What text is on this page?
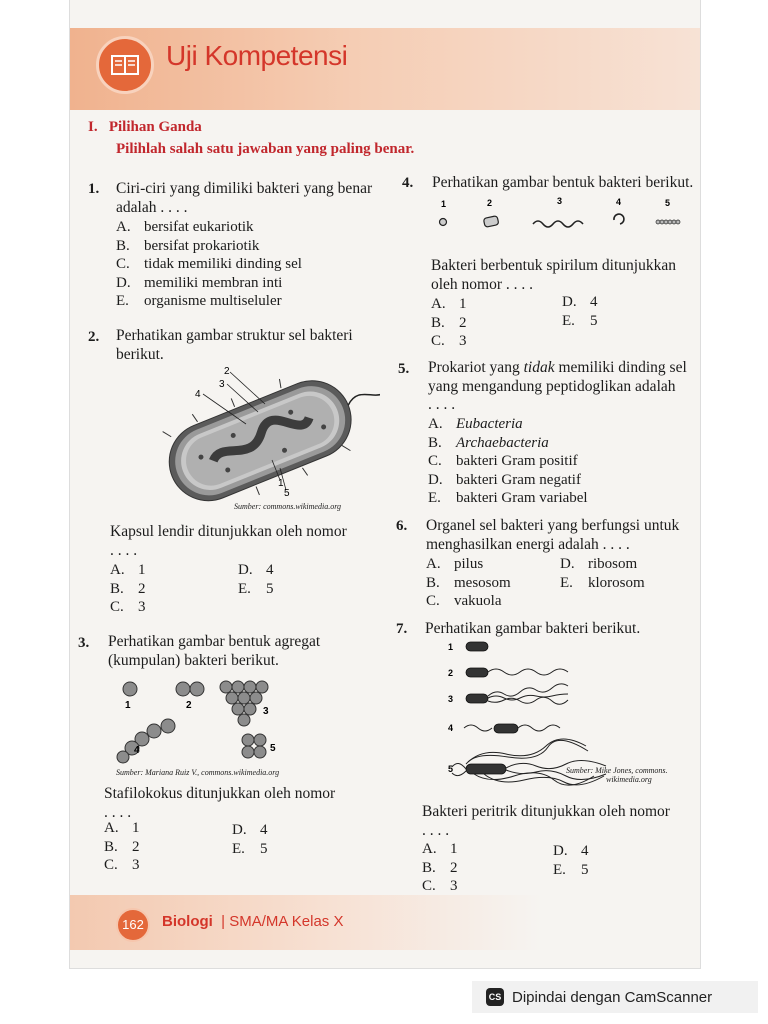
Uji Kompetensi
I. Pilihan Ganda
Pilihlah salah satu jawaban yang paling benar.
1. Ciri-ciri yang dimiliki bakteri yang benar
adalah . . . .
A. bersifat eukariotik
B. bersifat prokariotik
C. tidak memiliki dinding sel
D. memiliki membran inti
E. organisme multiseluler
2. Perhatikan gambar struktur sel bakteri
berikut.
2
3
4
1
5
Sumber: commons.wikimedia.org
Kapsul lendir ditunjukkan oleh nomor
. . . .
A. 1
B. 2
C. 3
D. 4
E. 5
3. Perhatikan gambar bentuk agregat
(kumpulan) bakteri berikut.
1	2
3
4	5
Sumber: Mariana Ruiz V., commons.wikimedia.org
Stafilokokus ditunjukkan oleh nomor
. . . .
A. 1
B. 2
C. 3
D. 4
E. 5
4. Perhatikan gambar bentuk bakteri berikut.
1	2	3	4	5
Bakteri berbentuk spirilum ditunjukkan
oleh nomor . . . .
A. 1
B. 2
C. 3
D. 4
E. 5
5. Prokariot yang tidak memiliki dinding sel
yang mengandung peptidoglikan adalah
. . . .
A. Eubacteria
B. Archaebacteria
C. bakteri Gram positif
D. bakteri Gram negatif
E. bakteri Gram variabel
6. Organel sel bakteri yang berfungsi untuk
menghasilkan energi adalah . . . .
A. pilus
B. mesosom
C. vakuola
D. ribosom
E. klorosom
7. Perhatikan gambar bakteri berikut.
1
2
3
4
5	Sumber: Mike Jones, commons.
wikimedia.org
Bakteri peritrik ditunjukkan oleh nomor
. . . .
A. 1
B. 2
C. 3
D. 4
E. 5
162	Biologi | SMA/MA Kelas X
CS Dipindai dengan CamScanner
